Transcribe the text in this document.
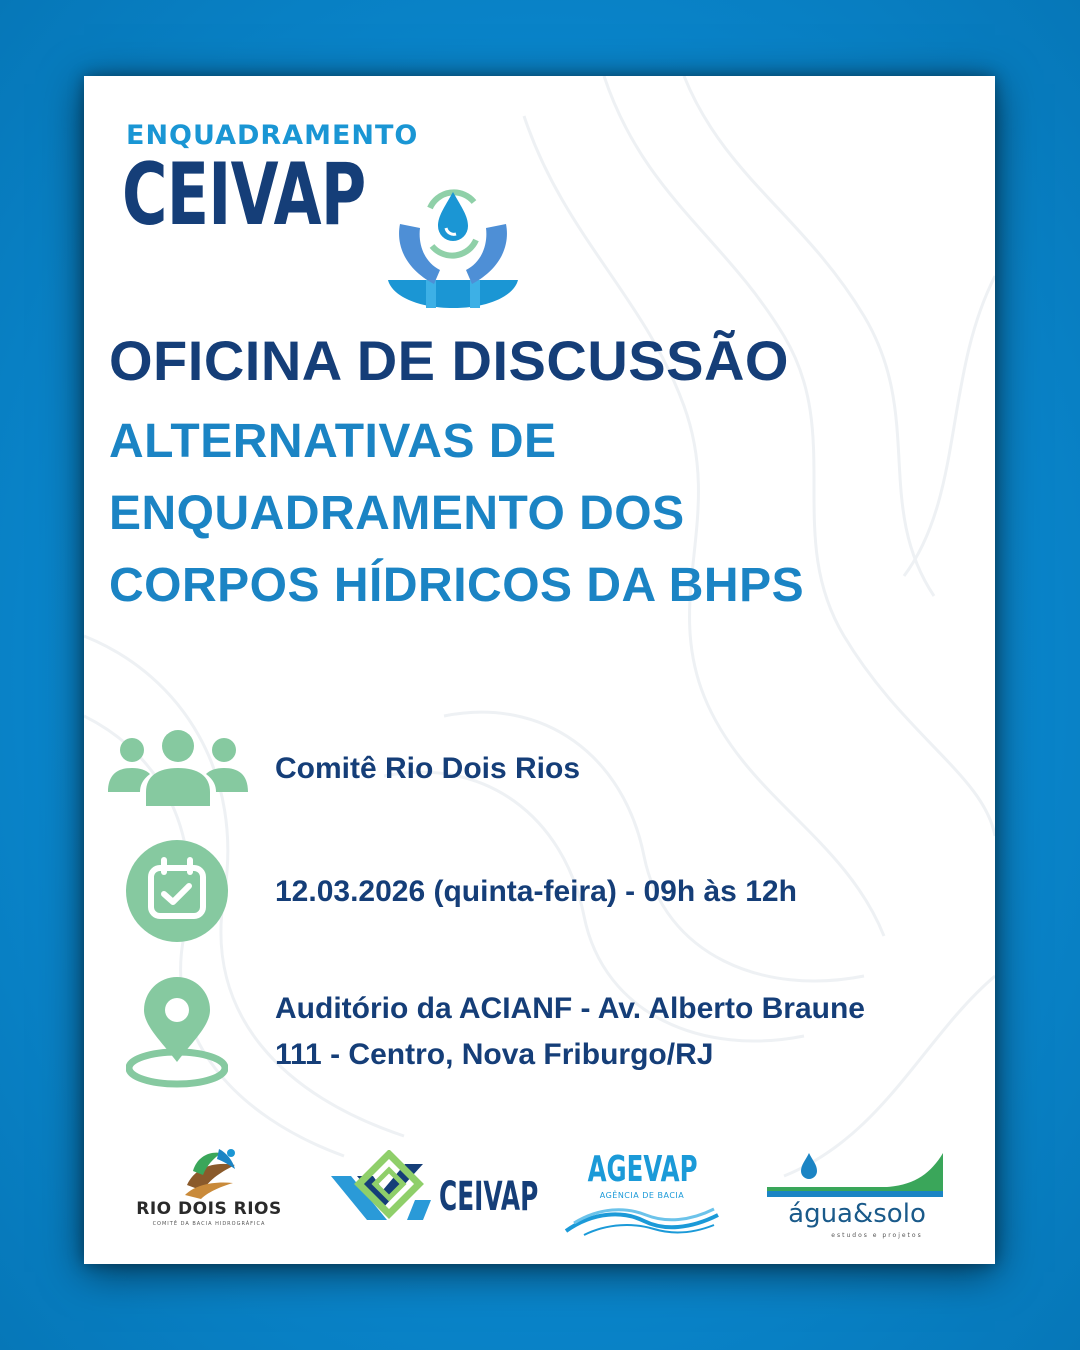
ENQUADRAMENTO
CEIVAP
OFICINA DE DISCUSSÃO
ALTERNATIVAS DE
ENQUADRAMENTO DOS
CORPOS HÍDRICOS DA BHPS
Comitê Rio Dois Rios
12.03.2026 (quinta-feira) - 09h às 12h
Auditório da ACIANF - Av. Alberto Braune
111 - Centro, Nova Friburgo/RJ
RIO DOIS RIOS
COMITÊ DA BACIA HIDROGRÁFICA
CEIVAP
AGEVAP
AGÊNCIA DE BACIA
água&solo
estudos e projetos
